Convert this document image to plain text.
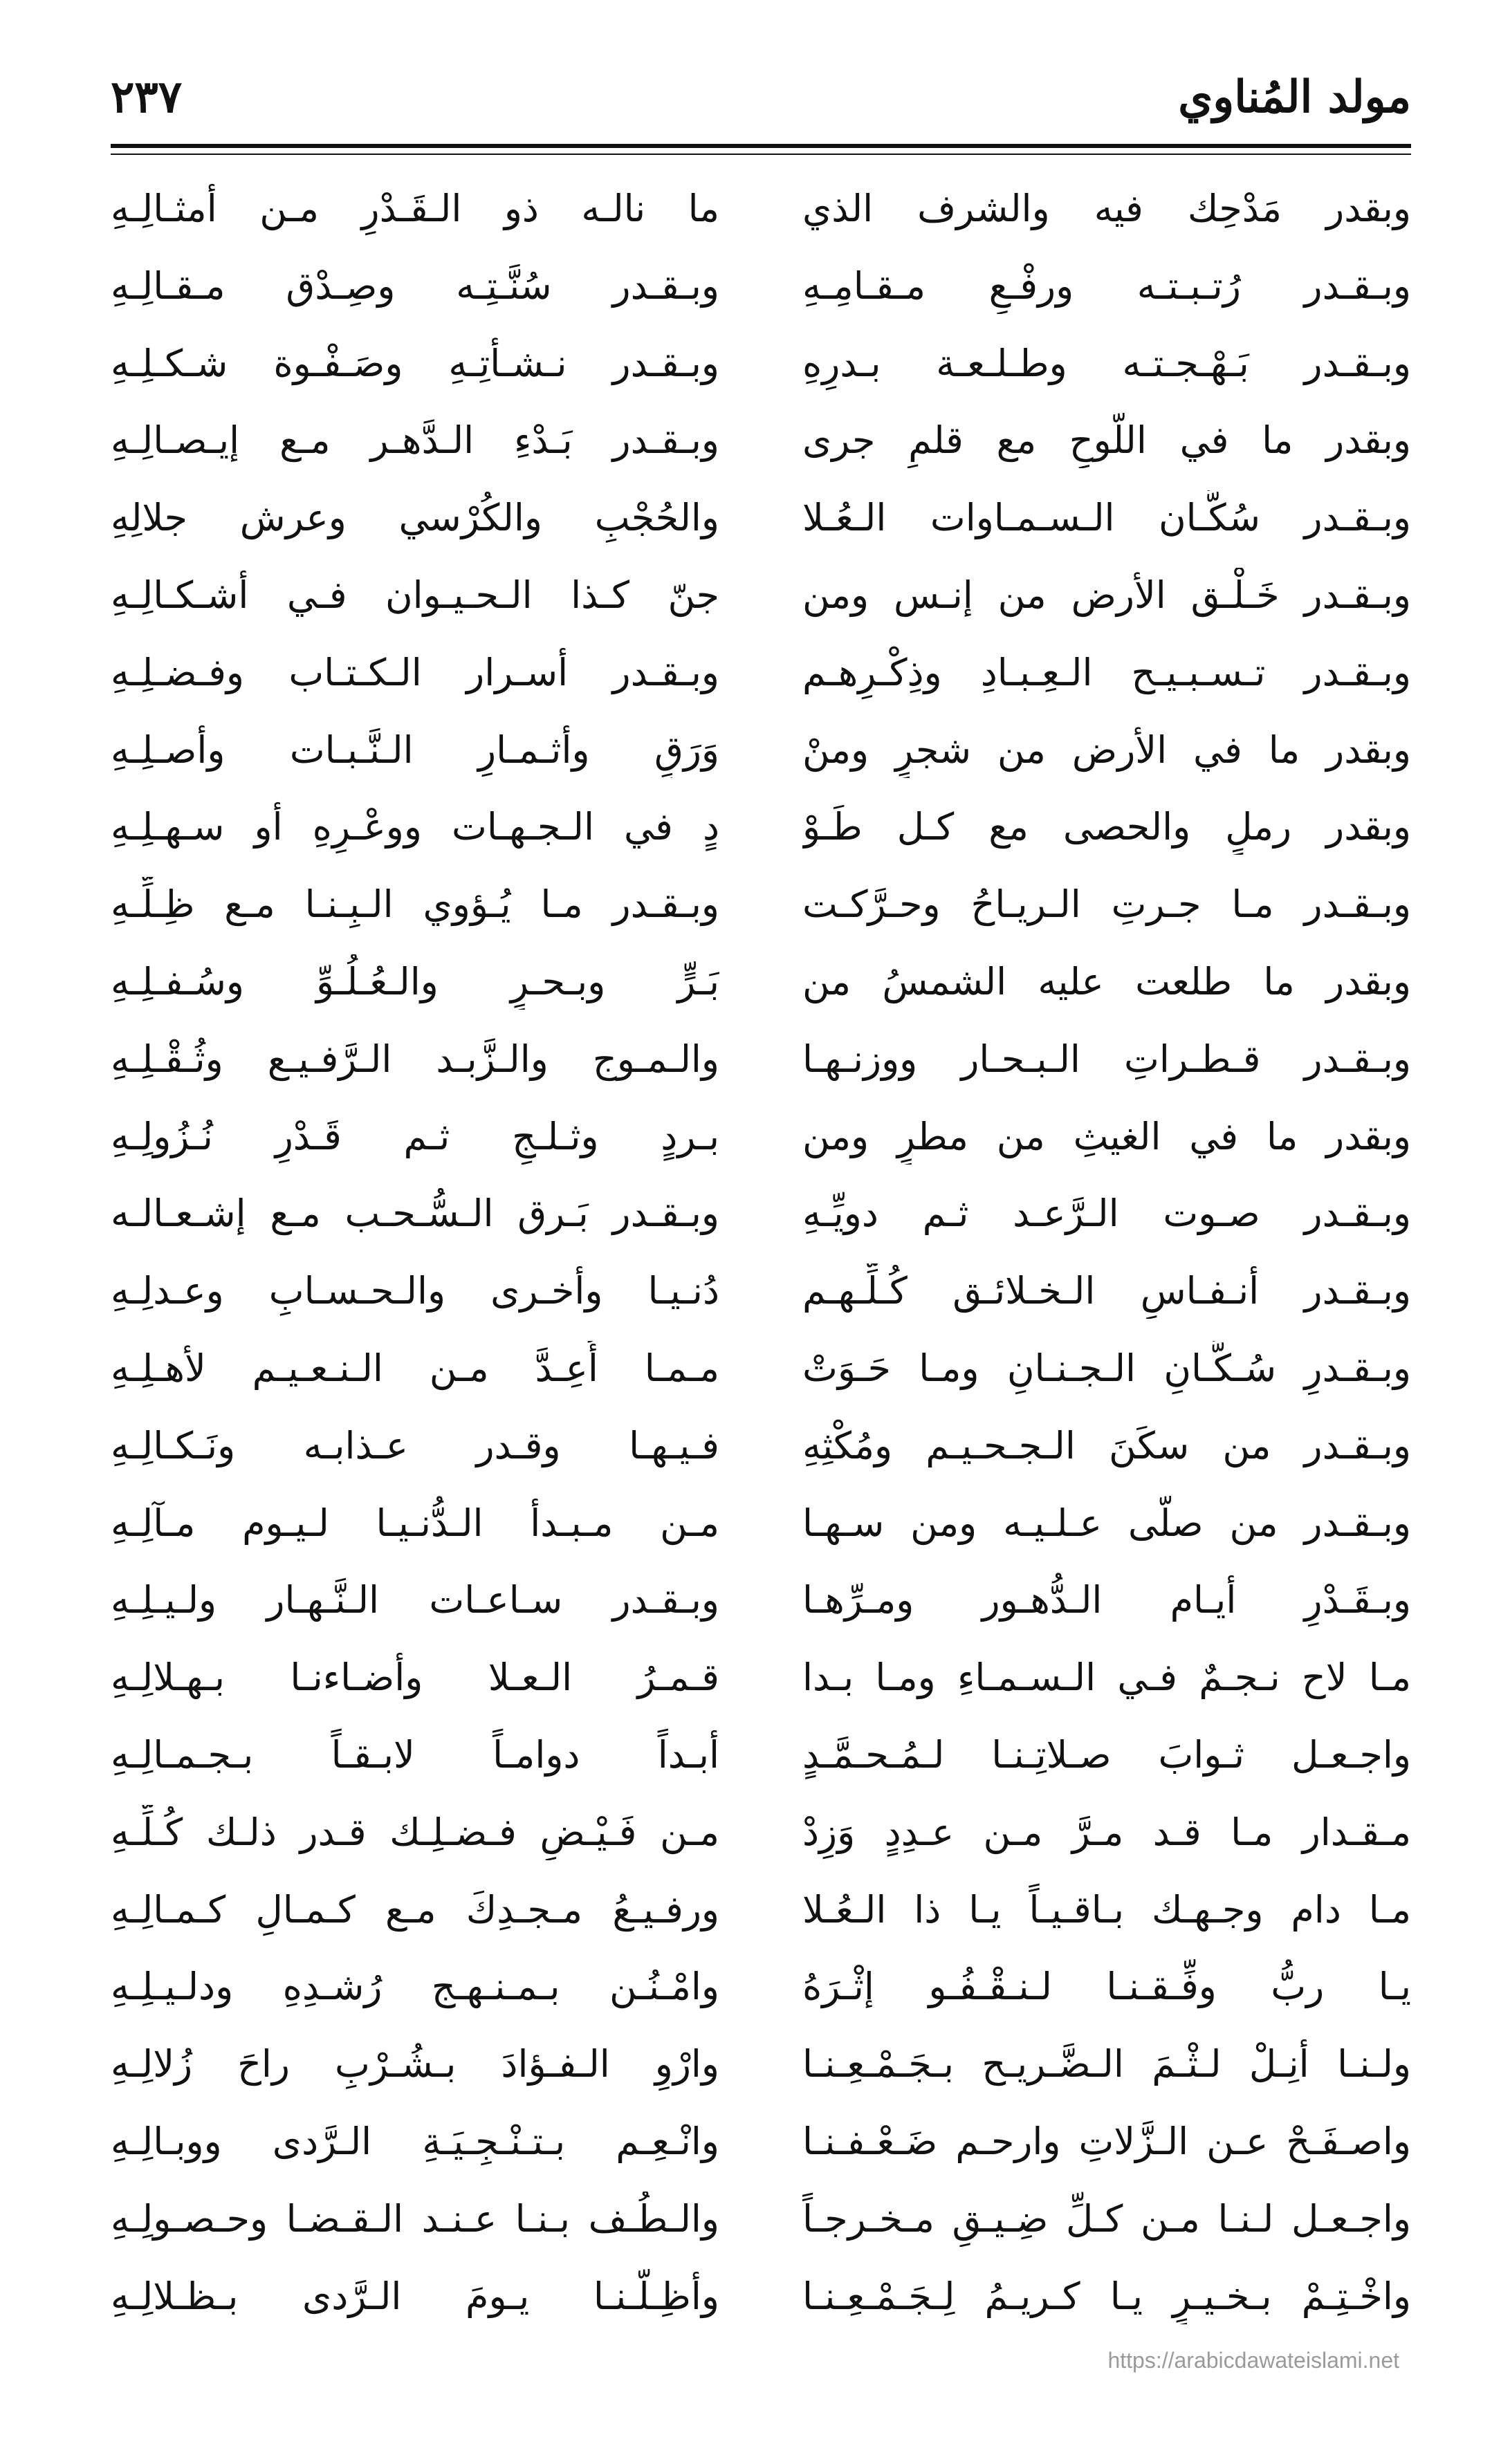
مولد المُناوي
٢٣٧
وبقدر مَدْحِك فيه والشرف الذي
ما نالـه ذو الـقَـدْرِ مـن أمثـالِـهِ
وبـقـدر رُتـبـتـه ورفْـعِ مـقـامِـهِ
وبـقـدر سُنَّـتِـه وصِـدْق مـقـالِـهِ
وبـقـدر بَـهْـجـتـه وطـلـعـة بـدرِهِ
وبـقـدر نـشـأتِـهِ وصَـفْـوة شـكـلِـهِ
وبقدر ما في اللَّوحِ مع قلمٍ جرى
وبـقـدر بَـدْءِ الـدَّهـر مـع إيـصـالِـهِ
وبـقـدر سُكَّـان الـسـمـاوات الـعُـلا
والحُجْبِ والكُرْسي وعرش جلالِهِ
وبـقـدر خَـلْـق الأرض من إنـس ومن
جنّ كـذا الـحـيـوان فـي أشـكـالِـهِ
وبـقـدر تـسـبـيـح الـعِـبـادِ وذِكْـرِهـم
وبـقـدر أسـرار الـكـتـاب وفـضـلِـهِ
وبقدر ما في الأرض من شجرٍ ومنْ
وَرَقٍ وأثـمـارِ الـنَّـبـات وأصـلِـهِ
وبقدر رملٍ والحصى مع كـل طَـوْ
دٍ في الـجـهـات ووعْـرِهِ أو سـهـلِـهِ
وبـقـدر مـا جـرتِ الـريـاحُ وحـرَّكـت
وبـقـدر مـا يُـؤوي الـبِـنـا مـع ظِـلِّـهِ
وبقدر ما طلعت عليه الشمسُ من
بَـرٍّ وبـحـرٍ والـعُـلُـوِّ وسُـفـلِـهِ
وبـقـدر قـطـراتِ الـبـحـار ووزنـهـا
والـمـوج والـزَّبـد الـرَّفـيـع وثُـقْـلِـهِ
وبقدر ما في الغيثِ من مطرٍ ومن
بـردٍ وثـلـجٍ ثـم قَـدْرِ نُـزُولِـهِ
وبـقـدر صـوت الـرَّعـد ثـم دويِّـهِ
وبـقـدر بَـرق الـسُّـحـب مـع إشـعـالـه
وبـقـدر أنـفـاسِ الـخـلائـق كُـلِّـهـم
دُنـيـا وأخـرى والـحـسـابِ وعـدلِـهِ
وبـقـدرِ سُـكَّـانِ الـجـنـانِ ومـا حَـوَتْ
مـمـا أُعِـدَّ مـن الـنـعـيـم لأهـلِـهِ
وبـقـدر من سكَنَ الـجـحـيـم ومُكْثِهِ
فـيـهـا وقـدر عـذابـه ونَـكـالِـهِ
وبـقـدر من صلَّى عـلـيـه ومن سـهـا
مـن مـبـدأ الـدُّنـيـا لـيـوم مـآلِـهِ
وبـقَـدْرِ أيـام الـدُّهـور ومـرِّهـا
وبـقـدر سـاعـات الـنَّـهـار ولـيـلِـهِ
مـا لاح نـجـمٌ فـي الـسـمـاءِ ومـا بـدا
قـمـرُ الـعـلا وأضـاءنـا بـهـلالِـهِ
واجـعـل ثـوابَ صـلاتِـنـا لـمُـحـمَّـدٍ
أبـداً دوامـاً لابـقـاً بـجـمـالِـهِ
مـقـدار مـا قـد مـرَّ مـن عـدِدٍ وَزِدْ
مـن فَـيْـضِ فـضـلِـك قـدر ذلـك كُـلِّـهِ
مـا دام وجـهـك بـاقـيـاً يـا ذا الـعُـلا
ورفـيـعُ مـجـدِكَ مـع كـمـالِ كـمـالِـهِ
يـا ربُّ وفِّـقـنـا لـنـقْـفُـو إثْـرَهُ
وامْـنُـن بـمـنـهـج رُشـدِهِ ودلـيـلِـهِ
ولـنـا أنِـلْ لـثْـمَ الـضَّـريـح بـجَـمْـعِـنـا
وارْوِ الـفـؤادَ بـشُـرْبِ راحَ زُلالِـهِ
واصـفَـحْ عـن الـزَّلاتِ وارحـم ضَـعْـفـنـا
وانْـعِـم بـتـنْـجِـيَـةِ الـرَّدى ووبـالِـهِ
واجـعـل لـنـا مـن كـلِّ ضِـيـقٍ مـخـرجـاً
والـطُـف بـنـا عـنـد الـقـضـا وحـصـولِـهِ
واخْـتِـمْ بـخـيـرٍ يـا كـريـمُ لِـجَـمْـعِـنـا
وأظِـلَّـنـا يـومَ الـرَّدى بـظـلالِـهِ
https://arabicdawateislami.net
